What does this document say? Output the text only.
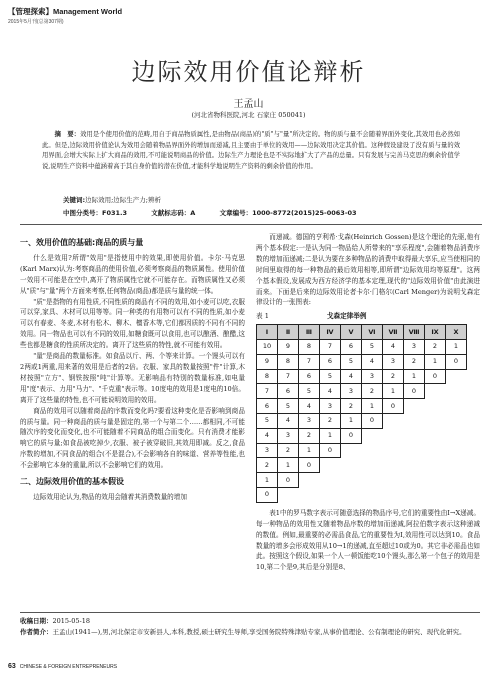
【管理探索】Management World
2015年5月刊(总第307期)
边际效用价值论辩析
王孟山
(河北省物科医院,河北 石家庄 050041)
摘　要：效用是个使用价值的范畴,用自于商品物质属性,是由物品(商品)的"质"与"量"所决定的。物的质与量不会随着界面外变化,其效用也必然如此。但是,边际效用价值论认为效用会随着物品界面外的增加而递减,且主要由于单位的效用——边际效用决定其价值。这种假设建设了没有质与量的效用界面,会增大实际上扩大商品的效用,不可能说明商品的价值。边际生产力理论也是不实际地扩大了产品的总量。只有发展与完善马克思的剩余价值学说,说明生产资料中蕴涵着高于其自身价值的潜在价值,才能科学地说明生产资料的剩余价值的作用。
关键词:边际效用;边际生产力;辨析
中图分类号：F031.3	文献标志码：A	文章编号：1000-8772(2015)25-0063-03
一、效用价值的基础:商品的质与量

什么是效用?所谓"效用"是指使用中的效果,即使用价值。卡尔·马克思(Karl Marx)认为:考察商品的使用价值,必须考察商品的物质属性。使用价值一效用不可能是在空中,离开了物质属性它就不可能存在。而物质属性又必须从"质"与"量"两个方面来考察,任何物品(商品)都是质与量的统一体。

"质"是指物的有用性质,不同性质的商品有不同的效用,如小麦可以吃,衣服可以穿,家具、木材可以用等等。同一种类的有用物可以有不同的性质,如小麦可以有春麦、冬麦,木材有松木、柳木、檀香木等,它们都因质的不同有不同的效用。同一物品也可以有不同的效用,如糖食既可以食用,也可以酿酒、酿醋,这些也都是糖食的性质所决定的。离开了这些质的特性,就不可能有效用。

"量"是商品的数量标准。如食品以斤、两、个等来计算。一个馒头可以有2两或1两重,用来著的效用是后者的2倍。衣服、家具的数量按照"件"计算,木材按照"立方"、钢铁按照"吨"计算等。无影响品有特别的数量标准,如电量用"度"表示、力用"马力"、"千克重"表示等。10度电的效用是1度电的10倍。离开了这些量的特性,也不可能说明效用的效用。

商品的效用可以随着商品的序数而变化吗?要看这种变化是否影响到商品的质与量。同一种商品的质与量是固定的,第一个与第二个……都相同,不可能随次序的变化而变化,也不可能随着不同商品的组合而变化。只有消费才能影响它的质与量;如食品被吃掉少,衣服、被子被穿破旧,其效用即减。反之,食品序数的增加,不同食品的组合(不是混合),不会影响各自的味道、营养等性能,也不会影响它本身的重量,所以不会影响它们的效用。

二、边际效用价值的基本假设

边际效用论认为,物品的效用会随着其消费数量的增加

而递减。德国的亨利希·戈森(Heinrich Gossen)是这个理论的先驱,他有两个基本假定:一是认为同一物品给人所带来的"享乐程度",会随着物品消费序数的增加而递减;二是认为要在多种物品的消费中取得最大享乐,应当使相同的时间里取得的每一种物品的最后效用相等,即所谓"边际效用均等原理"。这两个基本假设,发展成为西方经济学的基本定理,现代的"边际效用价值"由此演进而来。下面是后来的边际效用论者卡尔·门格尔(Carl Menger)为说明戈森定律设计的一张图表:

表 1	戈森定律举例
Ⅰ	Ⅱ	Ⅲ	Ⅳ	Ⅴ	Ⅵ	Ⅶ	Ⅷ	Ⅸ	Ⅹ
10	9	8	7	6	5	4	3	2	1
9	8	7	6	5	4	3	2	1	0
8	7	6	5	4	3	2	1	0	
7	6	5	4	3	2	1	0		
6	5	4	3	2	1	0			
5	4	3	2	1	0				
4	3	2	1	0					
3	2	1	0						
2	1	0							
1	0								
0									

表1中的罗马数字表示可随意选择的物品序号,它们的重要性由Ⅰ→Ⅹ递减。每一种物品的效用性又随着物品序数的增加而递减,阿拉伯数字表示这种递减的数值。例如,最重要的必需品食品,它的重要性为Ⅰ,效用性可以达到10。食品数量的增多会形成效用从10→1的递减,直至超过10或为0。其它非必需品也如此。按照这个假设,如果一个人一顿饭能吃10个馒头,那么第一个包子的效用是10,第二个是9,其后是分别是8、

收稿日期：2015-05-18
作者简介：王孟山(1941—),男,河北保定市安新县人,本科,教授,硕士研究生导师,享受国务院特殊津贴专家,从事价值理论、公有制理论的研究、现代化研究。
63 CHINESE & FOREIGN ENTREPRENEURS
